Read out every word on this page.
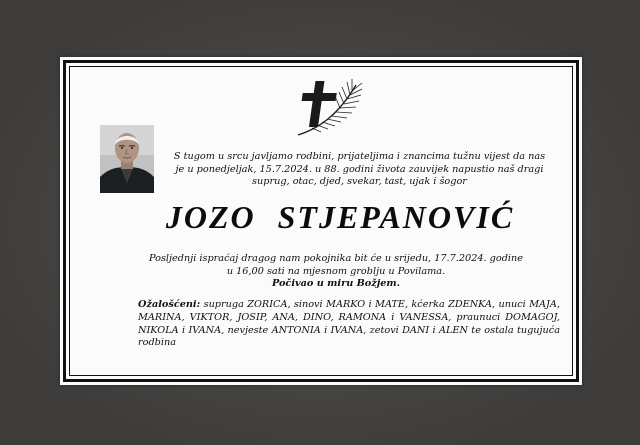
S tugom u srcu javljamo rodbini, prijateljima i znancima tužnu vijest da nas je u ponedjeljak, 15.7.2024. u 88. godini života zauvijek napustio naš dragi suprug, otac, djed, svekar, tast, ujak i šogor
JOZO STJEPANOVIĆ
Posljednji ispraćaj dragog nam pokojnika bit će u srijedu, 17.7.2024. godine u 16,00 sati na mjesnom groblju u Povilama.
Počivao u miru Božjem.
Ožalošćeni: supruga ZORICA, sinovi MARKO i MATE, kćerka ZDENKA, unuci MAJA, MARINA, VIKTOR, JOSIP, ANA, DINO, RAMONA i VANESSA, praunuci DOMAGOJ, NIKOLA i IVANA, nevjeste ANTONIA i IVANA, zetovi DANI i ALEN te ostala tugujuća rodbina
